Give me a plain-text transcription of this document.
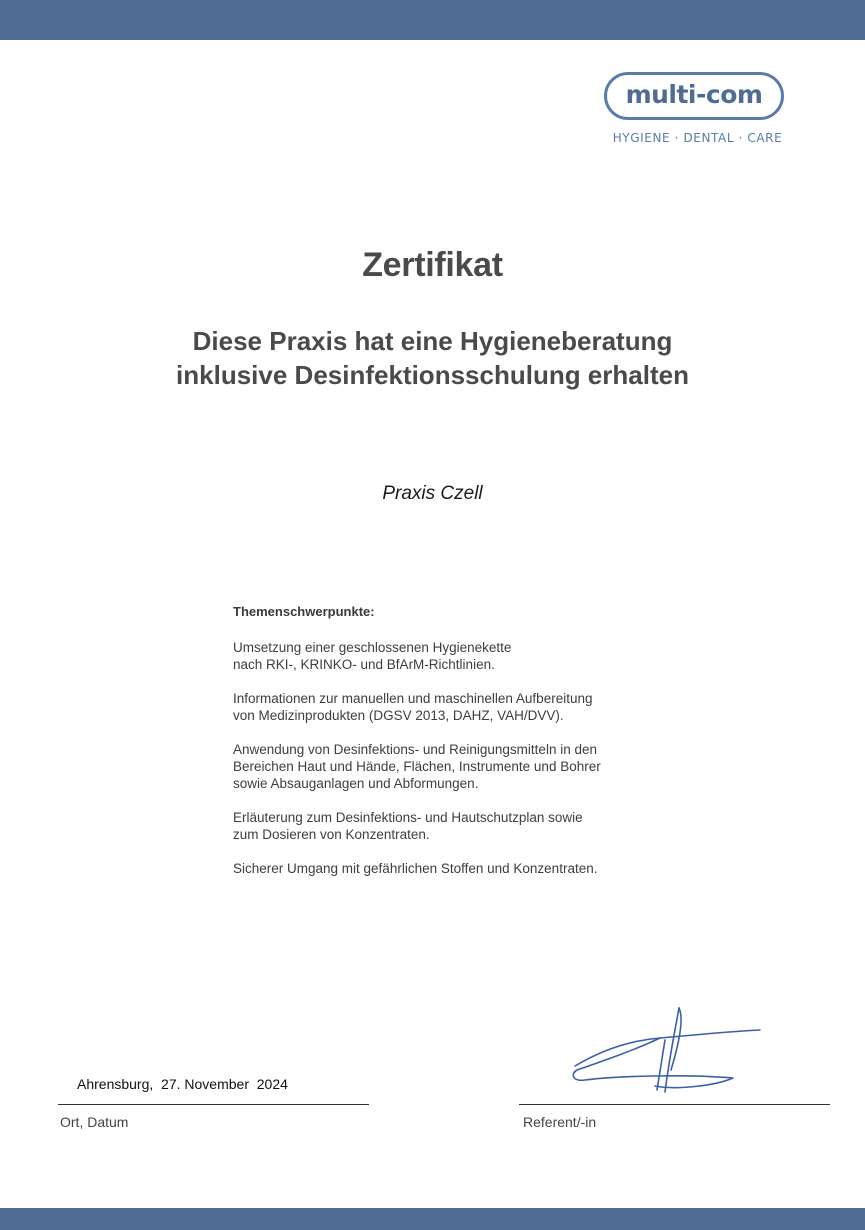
multi-com
HYGIENE · DENTAL · CARE
Zertifikat
Diese Praxis hat eine Hygieneberatung
inklusive Desinfektionsschulung erhalten
Praxis Czell
Themenschwerpunkte:
Umsetzung einer geschlossenen Hygienekette
nach RKI-, KRINKO- und BfArM-Richtlinien.
Informationen zur manuellen und maschinellen Aufbereitung
von Medizinprodukten (DGSV 2013, DAHZ, VAH/DVV).
Anwendung von Desinfektions- und Reinigungsmitteln in den
Bereichen Haut und Hände, Flächen, Instrumente und Bohrer
sowie Absauganlagen und Abformungen.
Erläuterung zum Desinfektions- und Hautschutzplan sowie
zum Dosieren von Konzentraten.
Sicherer Umgang mit gefährlichen Stoffen und Konzentraten.
Ahrensburg,  27. November  2024
Ort, Datum	Referent/-in
